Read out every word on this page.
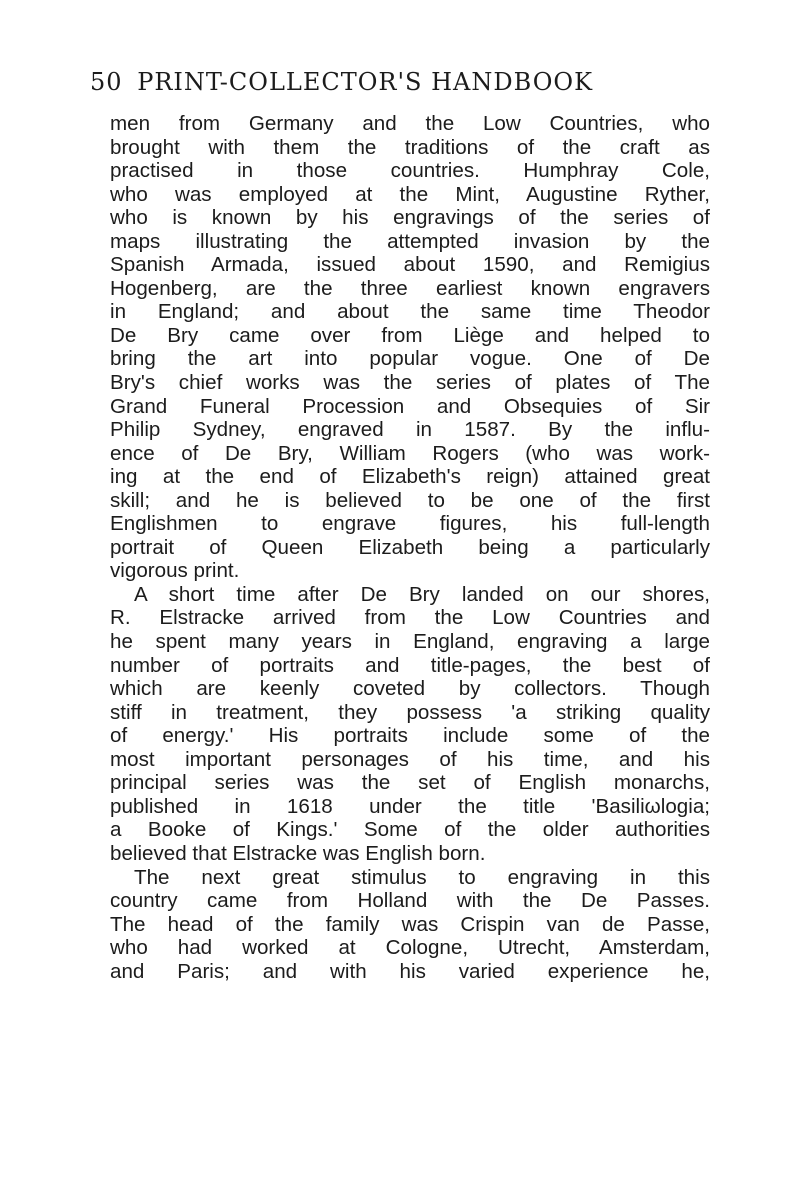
50 PRINT-COLLECTOR'S HANDBOOK
men from Germany and the Low Countries, who
brought with them the traditions of the craft as
practised in those countries. Humphray Cole,
who was employed at the Mint, Augustine Ryther,
who is known by his engravings of the series of
maps illustrating the attempted invasion by the
Spanish Armada, issued about 1590, and Remigius
Hogenberg, are the three earliest known engravers
in England; and about the same time Theodor
De Bry came over from Liège and helped to
bring the art into popular vogue. One of De
Bry's chief works was the series of plates of The
Grand Funeral Procession and Obsequies of Sir
Philip Sydney, engraved in 1587. By the influ-
ence of De Bry, William Rogers (who was work-
ing at the end of Elizabeth's reign) attained great
skill; and he is believed to be one of the first
Englishmen to engrave figures, his full-length
portrait of Queen Elizabeth being a particularly
vigorous print.
A short time after De Bry landed on our shores,
R. Elstracke arrived from the Low Countries and
he spent many years in England, engraving a large
number of portraits and title-pages, the best of
which are keenly coveted by collectors. Though
stiff in treatment, they possess 'a striking quality
of energy.' His portraits include some of the
most important personages of his time, and his
principal series was the set of English monarchs,
published in 1618 under the title 'Basiliωlogia;
a Booke of Kings.' Some of the older authorities
believed that Elstracke was English born.
The next great stimulus to engraving in this
country came from Holland with the De Passes.
The head of the family was Crispin van de Passe,
who had worked at Cologne, Utrecht, Amsterdam,
and Paris; and with his varied experience he,
